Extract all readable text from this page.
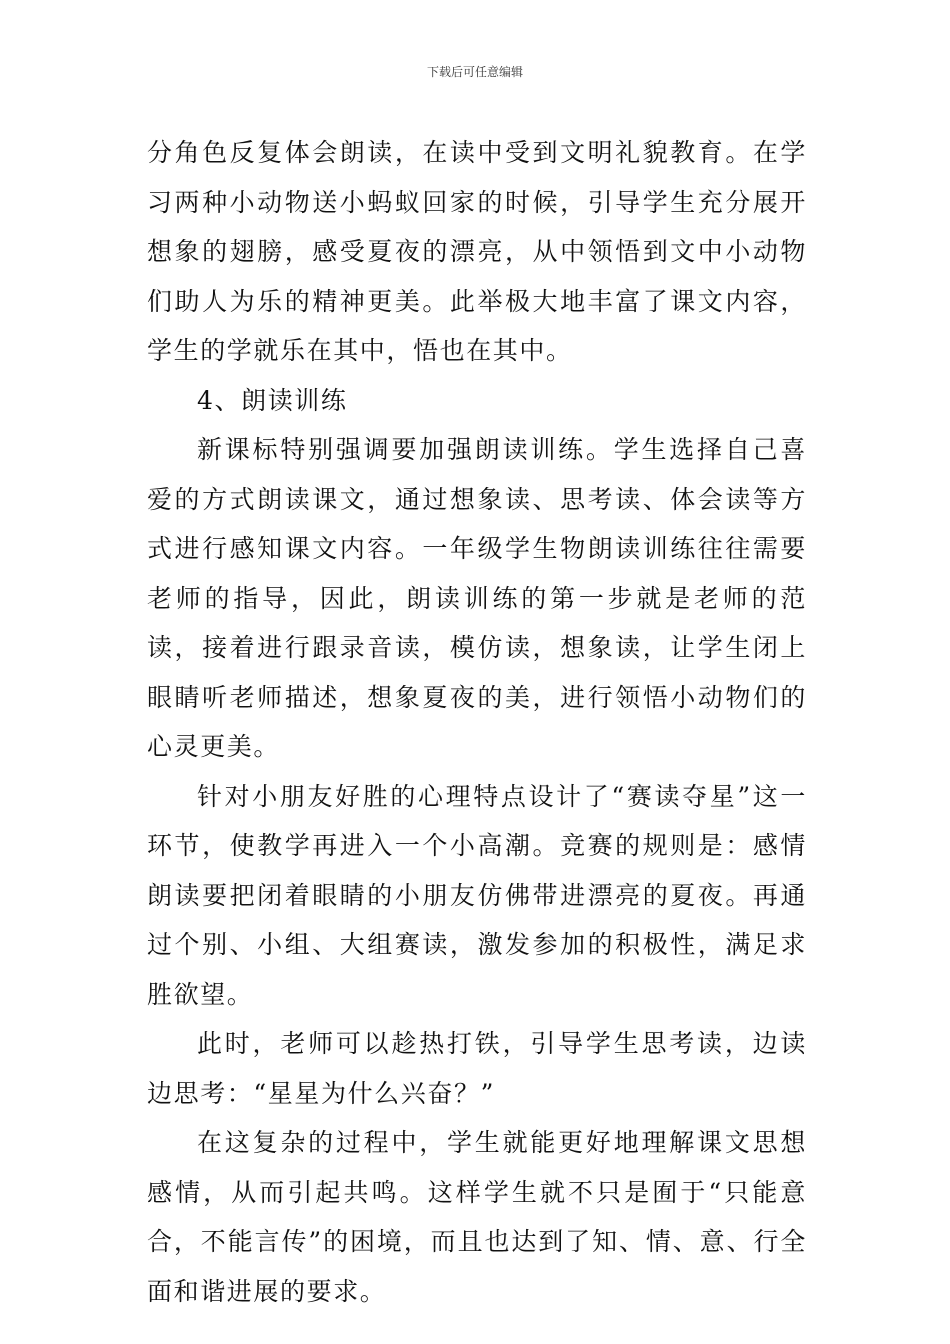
下载后可任意编辑

分角色反复体会朗读，在读中受到文明礼貌教育。在学习两种小动物送小蚂蚁回家的时候，引导学生充分展开想象的翅膀，感受夏夜的漂亮，从中领悟到文中小动物们助人为乐的精神更美。此举极大地丰富了课文内容，学生的学就乐在其中，悟也在其中。

4、朗读训练

新课标特别强调要加强朗读训练。学生选择自己喜爱的方式朗读课文，通过想象读、思考读、体会读等方式进行感知课文内容。一年级学生物朗读训练往往需要老师的指导，因此，朗读训练的第一步就是老师的范读，接着进行跟录音读，模仿读，想象读，让学生闭上眼睛听老师描述，想象夏夜的美，进行领悟小动物们的心灵更美。

针对小朋友好胜的心理特点设计了“赛读夺星”这一环节，使教学再进入一个小高潮。竞赛的规则是：感情朗读要把闭着眼睛的小朋友仿佛带进漂亮的夏夜。再通过个别、小组、大组赛读，激发参加的积极性，满足求胜欲望。

此时，老师可以趁热打铁，引导学生思考读，边读边思考：“星星为什么兴奋？”

在这复杂的过程中，学生就能更好地理解课文思想感情，从而引起共鸣。这样学生就不只是囿于“只能意合，不能言传”的困境，而且也达到了知、情、意、行全面和谐进展的要求。
